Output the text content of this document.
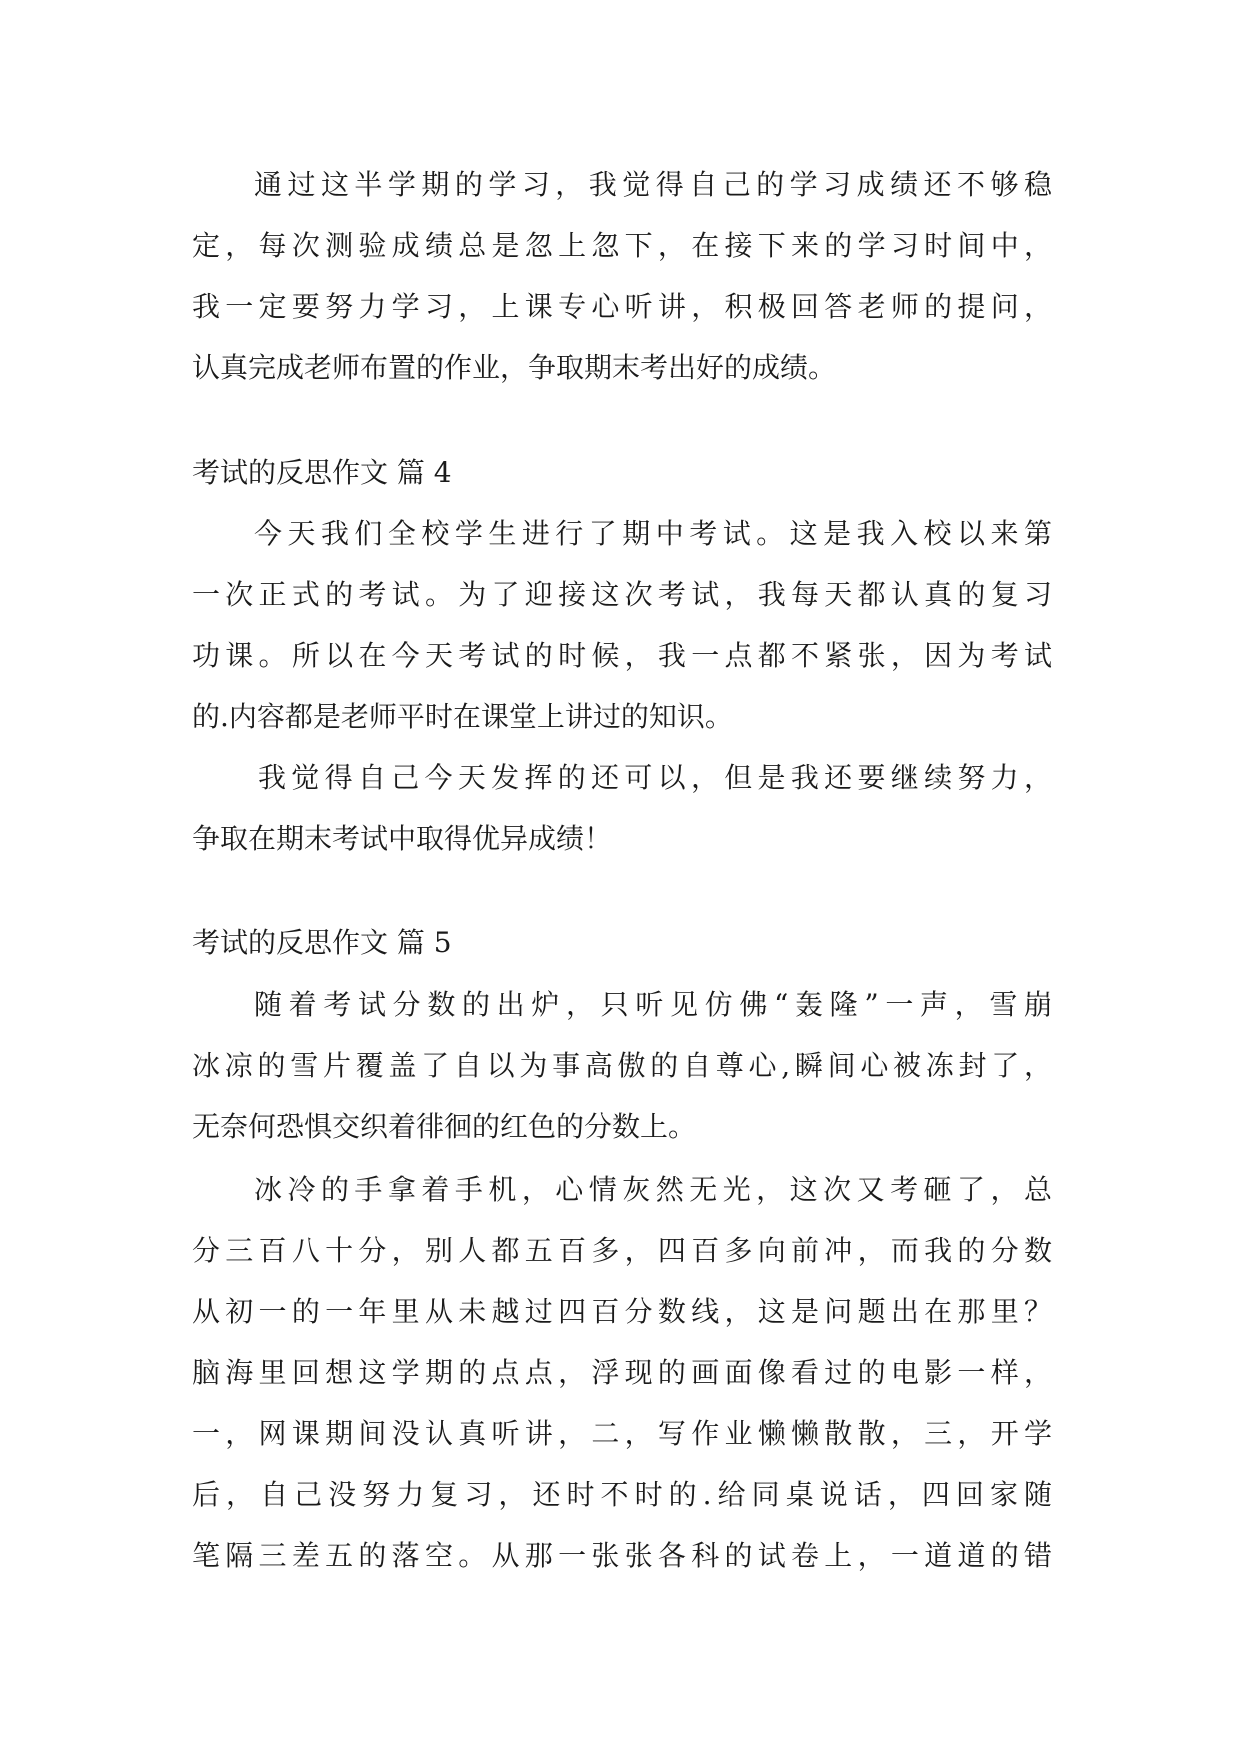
通过这半学期的学习，我觉得自己的学习成绩还不够稳
定，每次测验成绩总是忽上忽下，在接下来的学习时间中，
我一定要努力学习，上课专心听讲，积极回答老师的提问，
认真完成老师布置的作业，争取期末考出好的成绩。
考试的反思作文 篇 4
今天我们全校学生进行了期中考试。这是我入校以来第
一次正式的考试。为了迎接这次考试，我每天都认真的复习
功课。所以在今天考试的时候，我一点都不紧张，因为考试
的.内容都是老师平时在课堂上讲过的知识。
我觉得自己今天发挥的还可以，但是我还要继续努力，
争取在期末考试中取得优异成绩！
考试的反思作文 篇 5
随着考试分数的出炉，只听见仿佛“轰隆”一声，雪崩
冰凉的雪片覆盖了自以为事高傲的自尊心,瞬间心被冻封了，
无奈何恐惧交织着徘徊的红色的分数上。
冰冷的手拿着手机，心情灰然无光，这次又考砸了，总
分三百八十分，别人都五百多，四百多向前冲，而我的分数
从初一的一年里从未越过四百分数线，这是问题出在那里？
脑海里回想这学期的点点，浮现的画面像看过的电影一样，
一，网课期间没认真听讲，二，写作业懒懒散散，三，开学
后，自己没努力复习，还时不时的.给同桌说话，四回家随
笔隔三差五的落空。从那一张张各科的试卷上，一道道的错
